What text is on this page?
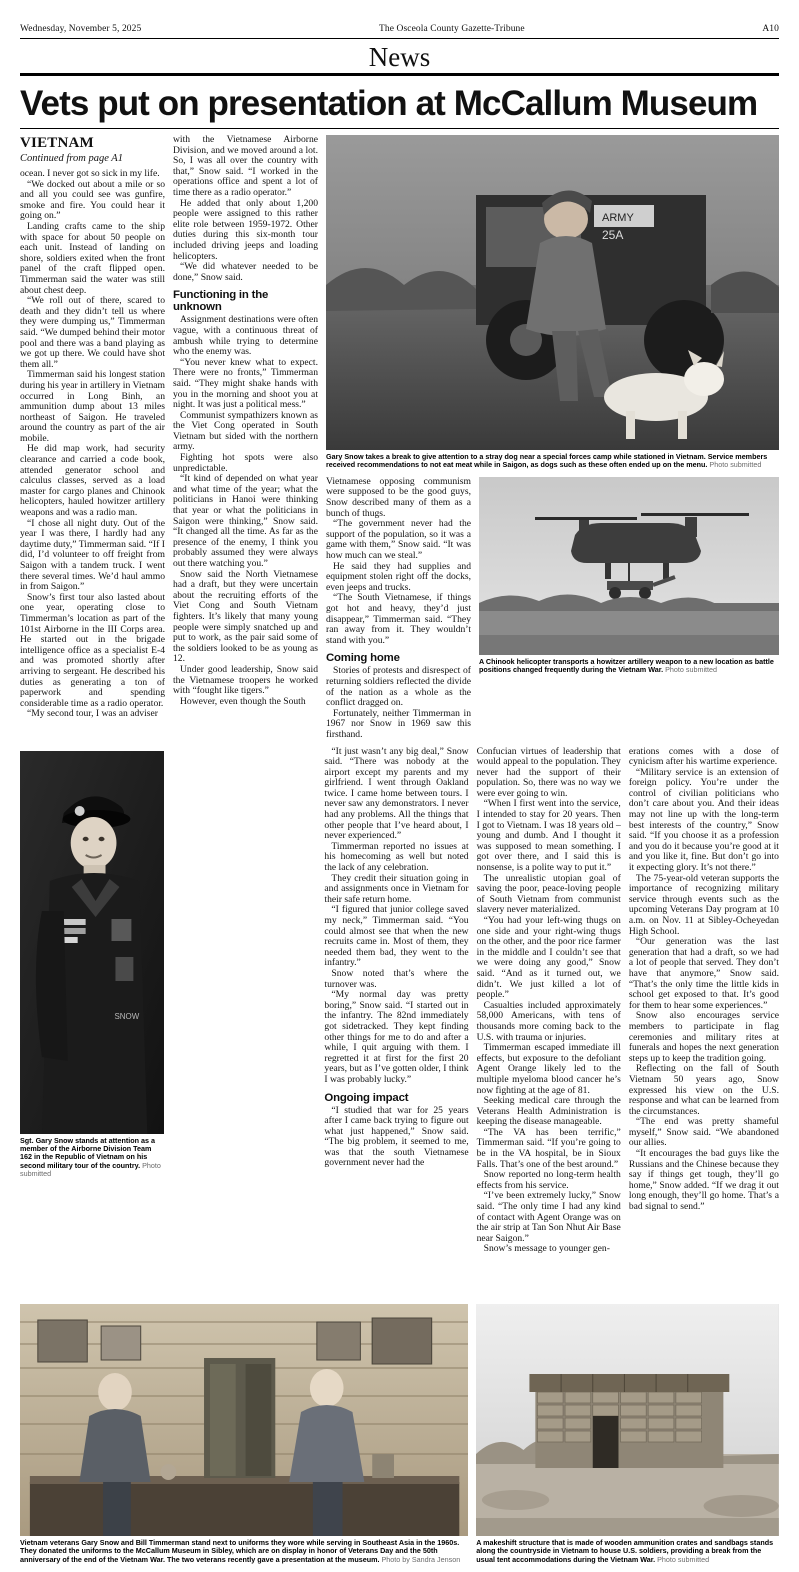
Wednesday, November 5, 2025	The Osceola County Gazette-Tribune	A10
News
Vets put on presentation at McCallum Museum
VIETNAM
Continued from page A1

ocean. I never got so sick in my life.

“We docked out about a mile or so and all you could see was gunfire, smoke and fire. You could hear it going on.”

Landing crafts came to the ship with space for about 50 people on each unit. Instead of landing on shore, soldiers exited when the front panel of the craft flipped open. Timmerman said the water was still about chest deep.

“We roll out of there, scared to death and they didn’t tell us where they were dumping us,” Timmerman said. “We dumped behind their motor pool and there was a band playing as we got up there. We could have shot them all.”

Timmerman said his longest station during his year in artillery in Vietnam occurred in Long Binh, an ammunition dump about 13 miles northeast of Saigon. He traveled around the country as part of the air mobile.

He did map work, had security clearance and carried a code book, attended generator school and calculus classes, served as a load master for cargo planes and Chinook helicopters, hauled howitzer artillery weapons and was a radio man.

“I chose all night duty. Out of the year I was there, I hardly had any daytime duty,” Timmerman said. “If I did, I’d volunteer to off freight from Saigon with a tandem truck. I went there several times. We’d haul ammo in from Saigon.”

Snow’s first tour also lasted about one year, operating close to Timmerman’s location as part of the 101st Airborne in the III Corps area. He started out in the brigade intelligence office as a specialist E-4 and was promoted shortly after arriving to sergeant. He described his duties as generating a ton of paperwork and spending considerable time as a radio operator.

“My second tour, I was an adviser

with the Vietnamese Airborne Division, and we moved around a lot. So, I was all over the country with that,” Snow said. “I worked in the operations office and spent a lot of time there as a radio operator.”

He added that only about 1,200 people were assigned to this rather elite role between 1959-1972. Other duties during this six-month tour included driving jeeps and loading helicopters.

“We did whatever needed to be done,” Snow said.

Functioning in the unknown

Assignment destinations were often vague, with a continuous threat of ambush while trying to determine who the enemy was.

“You never knew what to expect. There were no fronts,” Timmerman said. “They might shake hands with you in the morning and shoot you at night. It was just a political mess.”

Communist sympathizers known as the Viet Cong operated in South Vietnam but sided with the northern army.

Fighting hot spots were also unpredictable.

“It kind of depended on what year and what time of the year; what the politicians in Hanoi were thinking that year or what the politicians in Saigon were thinking,” Snow said. “It changed all the time. As far as the presence of the enemy, I think you probably assumed they were always out there watching you.”

Snow said the North Vietnamese had a draft, but they were uncertain about the recruiting efforts of the Viet Cong and South Vietnam fighters. It’s likely that many young people were simply snatched up and put to work, as the pair said some of the soldiers looked to be as young as 12.

Under good leadership, Snow said the Vietnamese troopers he worked with “fought like tigers.”

However, even though the South

ARMY
25A
Gary Snow takes a break to give attention to a stray dog near a special forces camp while stationed in Vietnam. Service members received recommendations to not eat meat while in Saigon, as dogs such as these often ended up on the menu. Photo submitted

Vietnamese opposing communism were supposed to be the good guys, Snow described many of them as a bunch of thugs.

“The government never had the support of the population, so it was a game with them,” Snow said. “It was how much can we steal.”

He said they had supplies and equipment stolen right off the docks, even jeeps and trucks.

“The South Vietnamese, if things got hot and heavy, they’d just disappear,” Timmerman said. “They ran away from it. They wouldn’t stand with you.”

Coming home

Stories of protests and disrespect of returning soldiers reflected the divide of the nation as a whole as the conflict dragged on.

Fortunately, neither Timmerman in 1967 nor Snow in 1969 saw this firsthand.

A Chinook helicopter transports a howitzer artillery weapon to a new location as battle positions changed frequently during the Vietnam War. Photo submitted
SNOW
Sgt. Gary Snow stands at attention as a member of the Airborne Division Team 162 in the Republic of Vietnam on his second military tour of the country. Photo submitted

“It just wasn’t any big deal,” Snow said. “There was nobody at the airport except my parents and my girlfriend. I went through Oakland twice. I came home between tours. I never saw any demonstrators. I never had any problems. All the things that other people that I’ve heard about, I never experienced.”

Timmerman reported no issues at his homecoming as well but noted the lack of any celebration.

They credit their situation going in and assignments once in Vietnam for their safe return home.

“I figured that junior college saved my neck,” Timmerman said. “You could almost see that when the new recruits came in. Most of them, they needed them bad, they went to the infantry.”

Snow noted that’s where the turnover was.

“My normal day was pretty boring,” Snow said. “I started out in the infantry. The 82nd immediately got sidetracked. They kept finding other things for me to do and after a while, I quit arguing with them. I regretted it at first for the first 20 years, but as I’ve gotten older, I think I was probably lucky.”

Ongoing impact

“I studied that war for 25 years after I came back trying to figure out what just happened,” Snow said. “The big problem, it seemed to me, was that the south Vietnamese government never had the

Confucian virtues of leadership that would appeal to the population. They never had the support of their population. So, there was no way we were ever going to win.

“When I first went into the service, I intended to stay for 20 years. Then I got to Vietnam. I was 18 years old – young and dumb. And I thought it was supposed to mean something. I got over there, and I said this is nonsense, is a polite way to put it.”

The unrealistic utopian goal of saving the poor, peace-loving people of South Vietnam from communist slavery never materialized.

“You had your left-wing thugs on one side and your right-wing thugs on the other, and the poor rice farmer in the middle and I couldn’t see that we were doing any good,” Snow said. “And as it turned out, we didn’t. We just killed a lot of people.”

Casualties included approximately 58,000 Americans, with tens of thousands more coming back to the U.S. with trauma or injuries.

Timmerman escaped immediate ill effects, but exposure to the defoliant Agent Orange likely led to the multiple myeloma blood cancer he’s now fighting at the age of 81.

Seeking medical care through the Veterans Health Administration is keeping the disease manageable.

“The VA has been terrific,” Timmerman said. “If you’re going to be in the VA hospital, be in Sioux Falls. That’s one of the best around.”

Snow reported no long-term health effects from his service.

“I’ve been extremely lucky,” Snow said. “The only time I had any kind of contact with Agent Orange was on the air strip at Tan Son Nhut Air Base near Saigon.”

Snow’s message to younger gen-

erations comes with a dose of cynicism after his wartime experience.

“Military service is an extension of foreign policy. You’re under the control of civilian politicians who don’t care about you. And their ideas may not line up with the long-term best interests of the country,” Snow said. “If you choose it as a profession and you do it because you’re good at it and you like it, fine. But don’t go into it expecting glory. It’s not there.”

The 75-year-old veteran supports the importance of recognizing military service through events such as the upcoming Veterans Day program at 10 a.m. on Nov. 11 at Sibley-Ocheyedan High School.

“Our generation was the last generation that had a draft, so we had a lot of people that served. They don’t have that anymore,” Snow said. “That’s the only time the little kids in school get exposed to that. It’s good for them to hear some experiences.”

Snow also encourages service members to participate in flag ceremonies and military rites at funerals and hopes the next generation steps up to keep the tradition going.

Reflecting on the fall of South Vietnam 50 years ago, Snow expressed his view on the U.S. response and what can be learned from the circumstances.

“The end was pretty shameful myself,” Snow said. “We abandoned our allies.

“It encourages the bad guys like the Russians and the Chinese because they say if things get tough, they’ll go home,” Snow added. “If we drag it out long enough, they’ll go home. That’s a bad signal to send.”

Vietnam veterans Gary Snow and Bill Timmerman stand next to uniforms they wore while serving in Southeast Asia in the 1960s. They donated the uniforms to the McCallum Museum in Sibley, which are on display in honor of Veterans Day and the 50th anniversary of the end of the Vietnam War. The two veterans recently gave a presentation at the museum. Photo by Sandra Jenson
A makeshift structure that is made of wooden ammunition crates and sandbags stands along the countryside in Vietnam to house U.S. soldiers, providing a break from the usual tent accommodations during the Vietnam War. Photo submitted
